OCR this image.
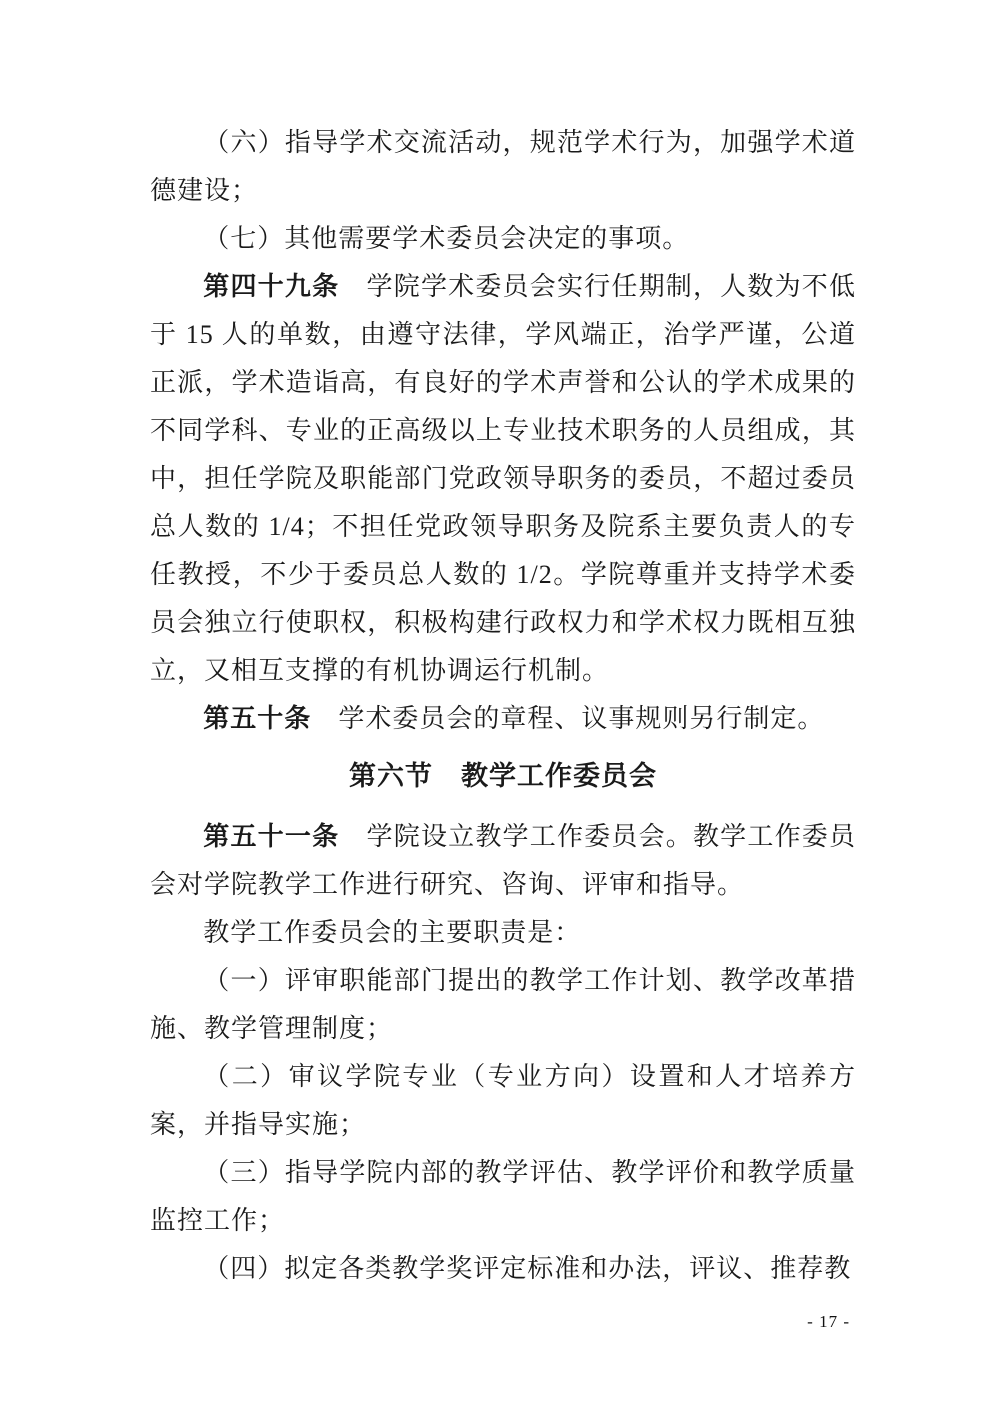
（六）指导学术交流活动，规范学术行为，加强学术道德建设；

（七）其他需要学术委员会决定的事项。

第四十九条　学院学术委员会实行任期制，人数为不低于 15 人的单数，由遵守法律，学风端正，治学严谨，公道正派，学术造诣高，有良好的学术声誉和公认的学术成果的不同学科、专业的正高级以上专业技术职务的人员组成，其中，担任学院及职能部门党政领导职务的委员，不超过委员总人数的 1/4；不担任党政领导职务及院系主要负责人的专任教授，不少于委员总人数的 1/2。学院尊重并支持学术委员会独立行使职权，积极构建行政权力和学术权力既相互独立，又相互支撑的有机协调运行机制。

第五十条　学术委员会的章程、议事规则另行制定。

第六节　教学工作委员会

第五十一条　学院设立教学工作委员会。教学工作委员会对学院教学工作进行研究、咨询、评审和指导。

教学工作委员会的主要职责是：

（一）评审职能部门提出的教学工作计划、教学改革措施、教学管理制度；

（二）审议学院专业（专业方向）设置和人才培养方案，并指导实施；

（三）指导学院内部的教学评估、教学评价和教学质量监控工作；

（四）拟定各类教学奖评定标准和办法，评议、推荐教

- 17 -
